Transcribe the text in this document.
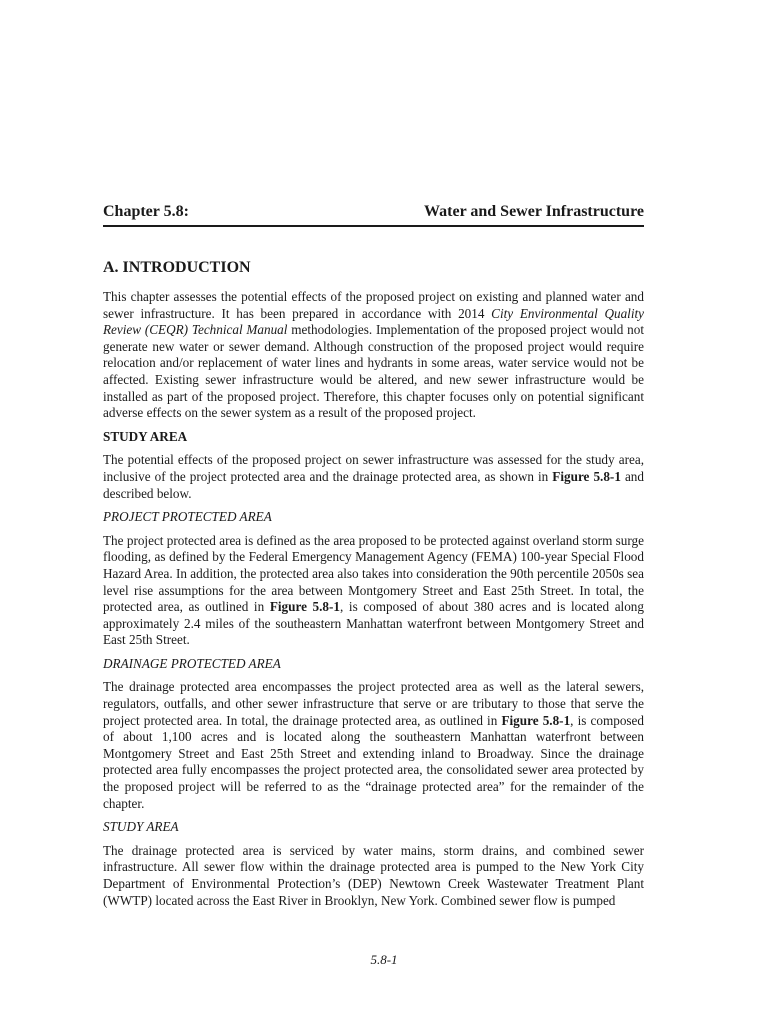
Chapter 5.8:	Water and Sewer Infrastructure
A. INTRODUCTION

This chapter assesses the potential effects of the proposed project on existing and planned water and sewer infrastructure. It has been prepared in accordance with 2014 City Environmental Quality Review (CEQR) Technical Manual methodologies. Implementation of the proposed project would not generate new water or sewer demand. Although construction of the proposed project would require relocation and/or replacement of water lines and hydrants in some areas, water service would not be affected. Existing sewer infrastructure would be altered, and new sewer infrastructure would be installed as part of the proposed project. Therefore, this chapter focuses only on potential significant adverse effects on the sewer system as a result of the proposed project.

STUDY AREA

The potential effects of the proposed project on sewer infrastructure was assessed for the study area, inclusive of the project protected area and the drainage protected area, as shown in Figure 5.8-1 and described below.

PROJECT PROTECTED AREA

The project protected area is defined as the area proposed to be protected against overland storm surge flooding, as defined by the Federal Emergency Management Agency (FEMA) 100-year Special Flood Hazard Area. In addition, the protected area also takes into consideration the 90th percentile 2050s sea level rise assumptions for the area between Montgomery Street and East 25th Street. In total, the protected area, as outlined in Figure 5.8-1, is composed of about 380 acres and is located along approximately 2.4 miles of the southeastern Manhattan waterfront between Montgomery Street and East 25th Street.

DRAINAGE PROTECTED AREA

The drainage protected area encompasses the project protected area as well as the lateral sewers, regulators, outfalls, and other sewer infrastructure that serve or are tributary to those that serve the project protected area. In total, the drainage protected area, as outlined in Figure 5.8-1, is composed of about 1,100 acres and is located along the southeastern Manhattan waterfront between Montgomery Street and East 25th Street and extending inland to Broadway. Since the drainage protected area fully encompasses the project protected area, the consolidated sewer area protected by the proposed project will be referred to as the “drainage protected area” for the remainder of the chapter.

STUDY AREA

The drainage protected area is serviced by water mains, storm drains, and combined sewer infrastructure. All sewer flow within the drainage protected area is pumped to the New York City Department of Environmental Protection’s (DEP) Newtown Creek Wastewater Treatment Plant (WWTP) located across the East River in Brooklyn, New York. Combined sewer flow is pumped

5.8-1
